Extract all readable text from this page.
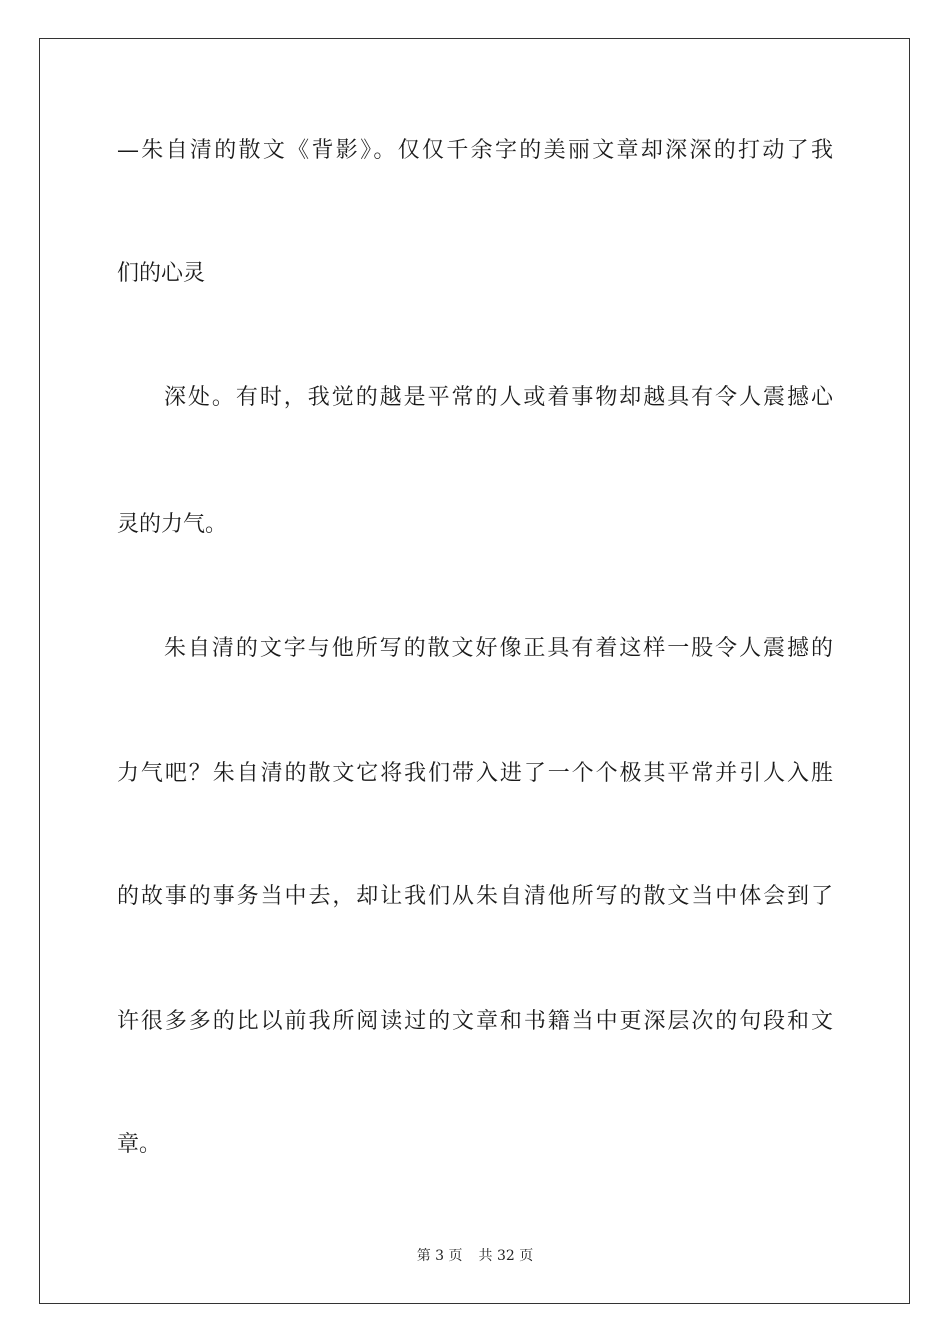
—朱自清的散文《背影》。仅仅千余字的美丽文章却深深的打动了我
们的心灵
深处。有时，我觉的越是平常的人或着事物却越具有令人震撼心
灵的力气。
朱自清的文字与他所写的散文好像正具有着这样一股令人震撼的
力气吧？朱自清的散文它将我们带入进了一个个极其平常并引人入胜
的故事的事务当中去，却让我们从朱自清他所写的散文当中体会到了
许很多多的比以前我所阅读过的文章和书籍当中更深层次的句段和文
章。
第 3 页 共 32 页
